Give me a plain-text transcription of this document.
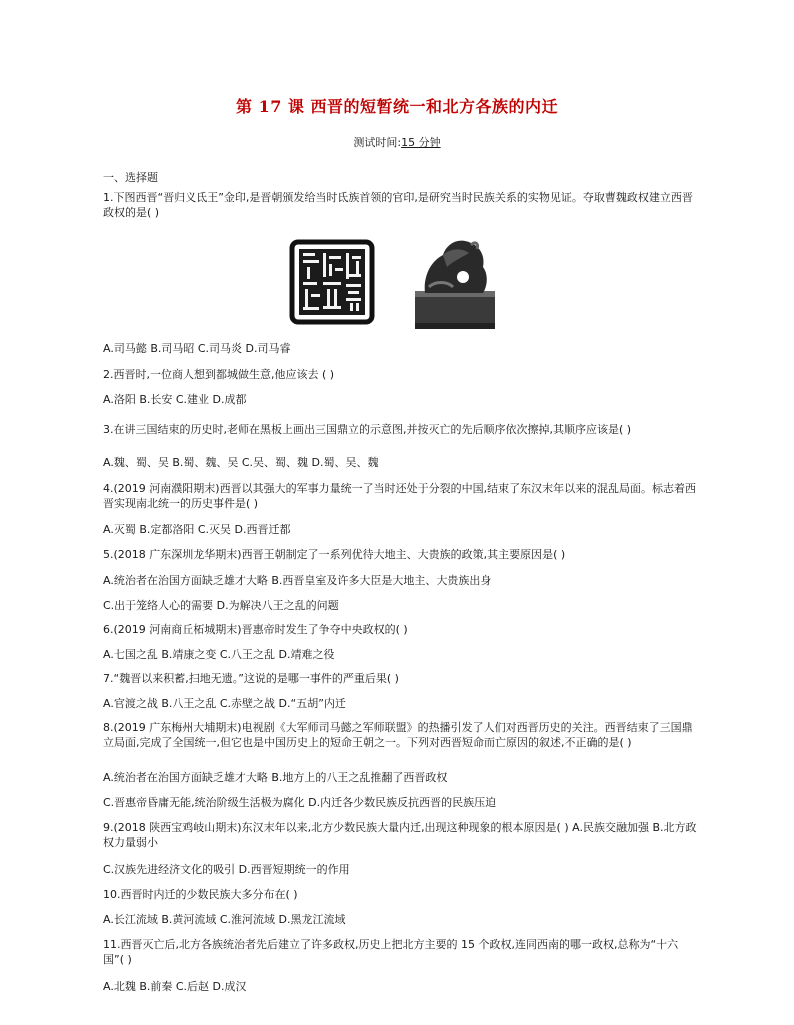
第 17 课 西晋的短暂统一和北方各族的内迁
测试时间:15 分钟
一、选择题
1.下图西晋“晋归义氐王”金印,是晋朝颁发给当时氐族首领的官印,是研究当时民族关系的实物见证。夺取曹魏政权建立西晋政权的是( )
A.司马懿 B.司马昭 C.司马炎 D.司马睿
2.西晋时,一位商人想到都城做生意,他应该去 ( )
A.洛阳 B.长安 C.建业 D.成都
3.在讲三国结束的历史时,老师在黑板上画出三国鼎立的示意图,并按灭亡的先后顺序依次擦掉,其顺序应该是( )
A.魏、蜀、吴 B.蜀、魏、吴 C.吴、蜀、魏 D.蜀、吴、魏
4.(2019 河南濮阳期末)西晋以其强大的军事力量统一了当时还处于分裂的中国,结束了东汉末年以来的混乱局面。标志着西晋实现南北统一的历史事件是( )
A.灭蜀 B.定都洛阳 C.灭吴 D.西晋迁都
5.(2018 广东深圳龙华期末)西晋王朝制定了一系列优待大地主、大贵族的政策,其主要原因是( )
A.统治者在治国方面缺乏雄才大略 B.西晋皇室及许多大臣是大地主、大贵族出身
C.出于笼络人心的需要 D.为解决八王之乱的问题
6.(2019 河南商丘柘城期末)晋惠帝时发生了争夺中央政权的( )
A.七国之乱 B.靖康之变 C.八王之乱 D.靖难之役
7.“魏晋以来积蓄,扫地无遗。”这说的是哪一事件的严重后果( )
A.官渡之战 B.八王之乱 C.赤壁之战 D.“五胡”内迁
8.(2019 广东梅州大埔期末)电视剧《大军师司马懿之军师联盟》的热播引发了人们对西晋历史的关注。西晋结束了三国鼎立局面,完成了全国统一,但它也是中国历史上的短命王朝之一。下列对西晋短命而亡原因的叙述,不正确的是( )
A.统治者在治国方面缺乏雄才大略 B.地方上的八王之乱推翻了西晋政权
C.晋惠帝昏庸无能,统治阶级生活极为腐化 D.内迁各少数民族反抗西晋的民族压迫
9.(2018 陕西宝鸡岐山期末)东汉末年以来,北方少数民族大量内迁,出现这种现象的根本原因是( ) A.民族交融加强 B.北方政权力量弱小
C.汉族先进经济文化的吸引 D.西晋短期统一的作用
10.西晋时内迁的少数民族大多分布在( )
A.长江流域 B.黄河流域 C.淮河流域 D.黑龙江流域
11.西晋灭亡后,北方各族统治者先后建立了许多政权,历史上把北方主要的 15 个政权,连同西南的哪一政权,总称为“十六国”( )
A.北魏 B.前秦 C.后赵 D.成汉
